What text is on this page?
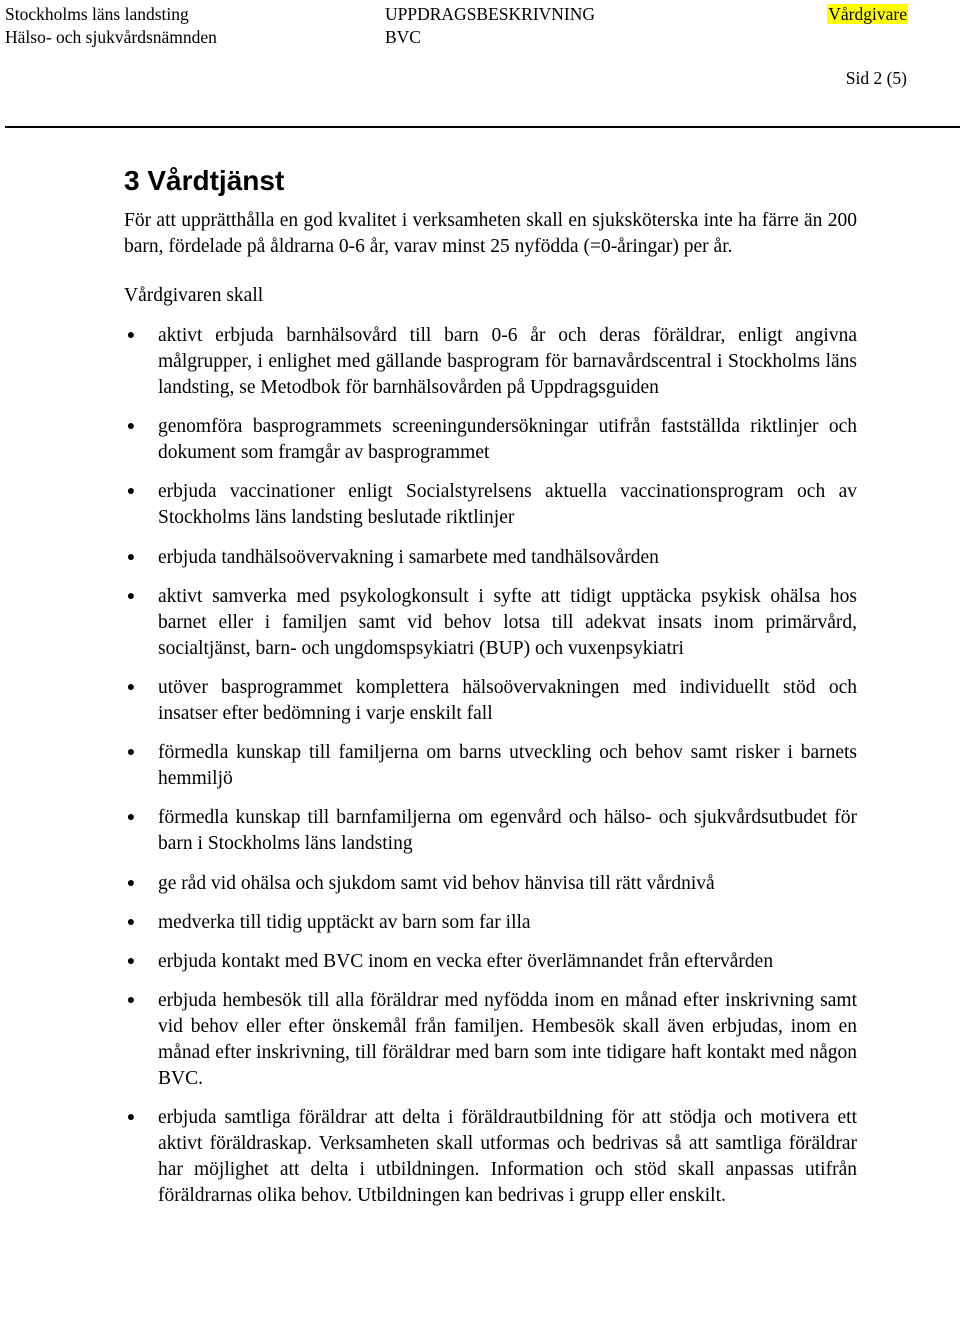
Stockholms läns landsting
Hälso- och sjukvårdsnämnden
UPPDRAGSBESKRIVNING
BVC
Vårdgivare
Sid 2 (5)
3 Vårdtjänst

För att upprätthålla en god kvalitet i verksamheten skall en sjuksköterska inte ha färre än 200 barn, fördelade på åldrarna 0-6 år, varav minst 25 nyfödda (=0-åringar) per år.

Vårdgivaren skall

● aktivt erbjuda barnhälsovård till barn 0-6 år och deras föräldrar, enligt angivna målgrupper, i enlighet med gällande basprogram för barnavårdscentral i Stockholms läns landsting, se Metodbok för barnhälsovården på Uppdragsguiden
● genomföra basprogrammets screeningundersökningar utifrån fastställda riktlinjer och dokument som framgår av basprogrammet
● erbjuda vaccinationer enligt Socialstyrelsens aktuella vaccinationsprogram och av Stockholms läns landsting beslutade riktlinjer
● erbjuda tandhälsoövervakning i samarbete med tandhälsovården
● aktivt samverka med psykologkonsult i syfte att tidigt upptäcka psykisk ohälsa hos barnet eller i familjen samt vid behov lotsa till adekvat insats inom primärvård, socialtjänst, barn- och ungdomspsykiatri (BUP) och vuxenpsykiatri
● utöver basprogrammet komplettera hälsoövervakningen med individuellt stöd och insatser efter bedömning i varje enskilt fall
● förmedla kunskap till familjerna om barns utveckling och behov samt risker i barnets hemmiljö
● förmedla kunskap till barnfamiljerna om egenvård och hälso- och sjukvårdsutbudet för barn i Stockholms läns landsting
● ge råd vid ohälsa och sjukdom samt vid behov hänvisa till rätt vårdnivå
● medverka till tidig upptäckt av barn som far illa
● erbjuda kontakt med BVC inom en vecka efter överlämnandet från eftervården
● erbjuda hembesök till alla föräldrar med nyfödda inom en månad efter inskrivning samt vid behov eller efter önskemål från familjen. Hembesök skall även erbjudas, inom en månad efter inskrivning, till föräldrar med barn som inte tidigare haft kontakt med någon BVC.
● erbjuda samtliga föräldrar att delta i föräldrautbildning för att stödja och motivera ett aktivt föräldraskap. Verksamheten skall utformas och bedrivas så att samtliga föräldrar har möjlighet att delta i utbildningen. Information och stöd skall anpassas utifrån föräldrarnas olika behov. Utbildningen kan bedrivas i grupp eller enskilt.
